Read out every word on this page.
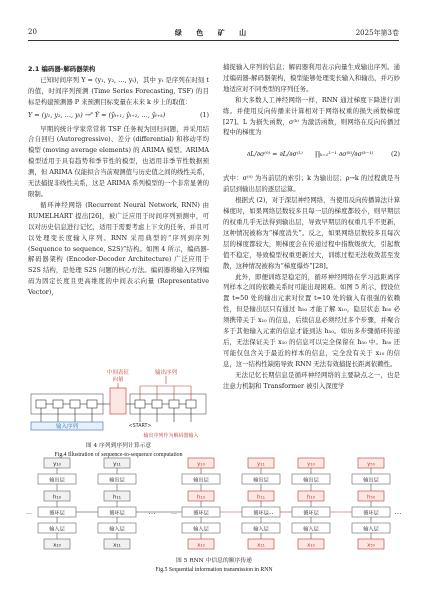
20	绿 色 矿 山	2025年第3卷

2.1 编码器-解码器架构

已知时间序列 Y = (y₁, y₂, …, yₜ)，其中 yₜ 是序列在时刻 t 的值，时间序列预测 (Time Series Forecasting, TSF) 的目标是构建预测器 P 来预测目标变量在未来 k 步上的取值：

Y = (y₁, y₂, …, yₜ) →ᴾ Ŷ = (ŷₜ₊₁, ŷₜ₊₂, …, ŷₜ₊ₖ)	(1)

早期的统计学家常常将 TSF 任务视为回归问题，并采用结合自回归 (Autoregressive)、差分 (differential) 和移动平均模型 (moving average elements) 的 ARIMA 模型。ARIMA 模型适用于具有趋势和季节性的模型，也适用非季节性数据预测，但 ARIMA 仅能拟合当前观测值与历史值之间的线性关系，无法捕捉非线性关系，这是 ARIMA 系列模型的一个非常显著的限制。

循环神经网络 (Recurrent Neural Network, RNN) 由 RUMELHART 提出[26]，被广泛应用于时间序列预测中，可以对历史信息进行记忆，适用于需要考虑上下文的任务，并且可以处理变长度输入序列。RNN 采用典型的“序列到序列 (Sequence to sequence, S2S)”结构。如图 4 所示，编码器-解码器架构 (Encoder-Decoder Architecture) 广泛应用于 S2S 结构，是处理 S2S 问题的核心方法。编码器将输入序列编码为固定长度且更高维度的中间表示向量 (Representative Vector)，

中间表征
向量
输出序列
输入序列	<START>
输出序列作为解码器输入
图 4 序列到序列计算示意
Fig.4 Illustration of sequence-to-sequence computation

捕捉输入序列的信息；解码器利用表示向量生成输出序列。通过编码器-解码器架构，模型能够处理变长输入和输出，并巧妙地适应对不同类型的序列任务。

和大多数人工神经网络一样，RNN 通过梯度下降进行训练。并使用反向传播来计算相对于网络权重的损失函数梯度[27]。L 为损失函数，σ⁽ᵏ⁾ 为激活函数，则网络在反向传播过程中的梯度为

∂L/∂σ⁽⁰⁾ = ∂L/∂σ⁽ᴸ⁾ ∏ₖ₌₁ᴸ⁻¹ ∂σ⁽ᵏ⁾/∂σ⁽ᵏ⁻¹⁾	(2)

式中：σ⁽⁰⁾ 为当前层的索引；k 为输出层；ρ→k 的过程就是当前层到输出层的逐层运算。

根据式 (2)，对于深层神经网络，当使用反向传播算法计算梯度时，如果网络层数较多且每一层的梯度都较小，则早期层的权重几乎无法得到输出层，导致早期层的权重几乎不更新，这种情况被称为“梯度消失”。反之，如果网络层数较多且每次层的梯度都较大，则梯度会在传递过程中指数级放大，引起数值不稳定，导致模型权重更新过大，训练过程无法收敛甚至发散，这种情况被称为“梯度爆炸”[28]。

此外，即便训练是稳定的，循环神经网络在学习远距离序列样本之间的依赖关系时可能出现困难。如图 5 所示，假设位置 t=50 处的输出元素对位置 t=10 处的输入有很强的依赖性，但是输出层只有通过 h₅₀ 才能了解 x₁₀，隐层状态 h₅₀ 必须携带关于 x₁₀ 的信息，后续信息必须经过多个步骤，并聚合多于其他输入元素的信息才能到达 h₅₀。如历多步骤循环传递后，无法保证关于 x₁₀ 的信息可以完全保留在 h₅₀ 中。h₅₀ 还可能仅包含关于最近的样本的信息，完全没有关于 x₁₀ 的信息，这一结构性缺陷导致 RNN 无法有效捕捉长距离依赖性。

无法记忆长期信息是循环神经网络的主要缺点之一，也是注意力机制和 Transformer 被引入深度学

y₁₀
输出层
h₁₀
循环层
输入层
x₁₀
y₁₁
输出层
h₁₁
循环层
输入层
x₁₁
y₁₀
输出层
h₁₀
循环层
输入层
x₁₀
y₁₁
输出层
h₁₁
循环层
输入层
x₁₁
y₁₀
输出层
h₁₀
循环层
输入层
x₁₀
y₅₀
输出层
h₅₀
循环层
输入层
x₅₀
…	…	…
…	…
图 5 RNN 中信息的顺序传递
Fig.5 Sequential information transmission in RNN
